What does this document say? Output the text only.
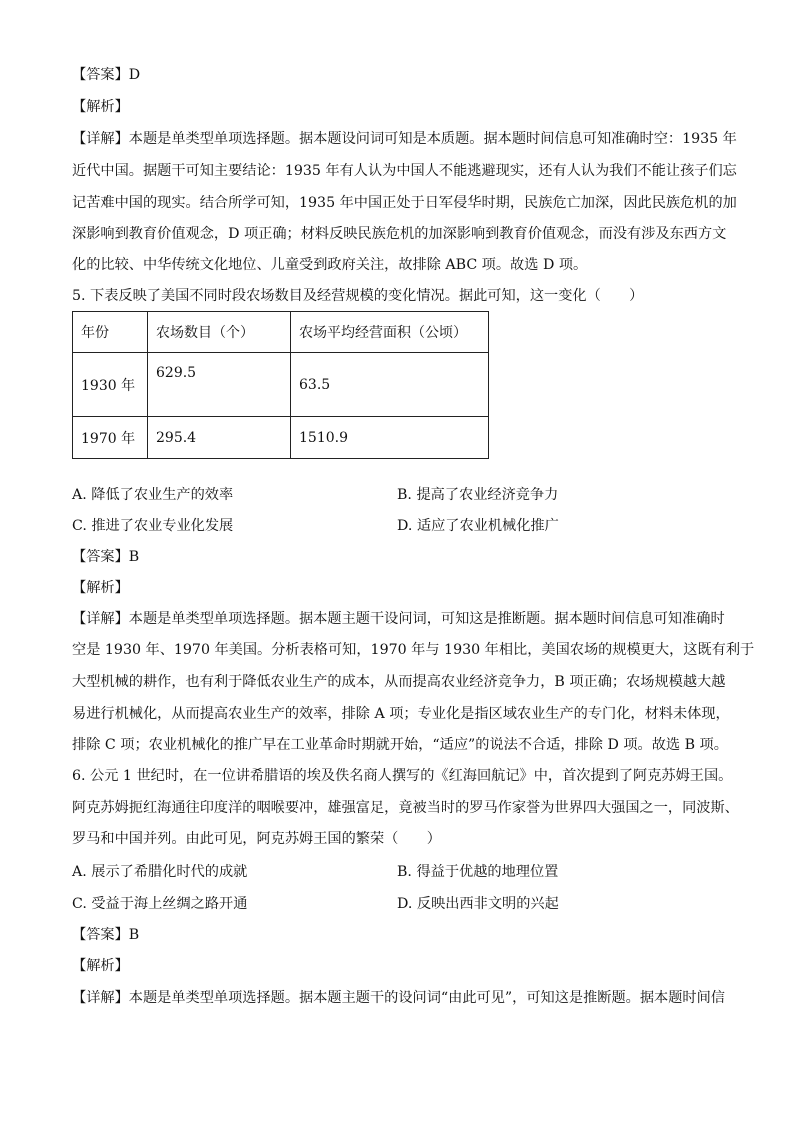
【答案】D
【解析】
【详解】本题是单类型单项选择题。据本题设问词可知是本质题。据本题时间信息可知准确时空：1935 年
近代中国。据题干可知主要结论：1935 年有人认为中国人不能逃避现实，还有人认为我们不能让孩子们忘
记苦难中国的现实。结合所学可知，1935 年中国正处于日军侵华时期，民族危亡加深，因此民族危机的加
深影响到教育价值观念，D 项正确；材料反映民族危机的加深影响到教育价值观念，而没有涉及东西方文
化的比较、中华传统文化地位、儿童受到政府关注，故排除 ABC 项。故选 D 项。
5. 下表反映了美国不同时段农场数目及经营规模的变化情况。据此可知，这一变化（　　）
年份	农场数目（个）	农场平均经营面积（公顷）
1930 年	629.5	63.5
1970 年	295.4	1510.9
A. 降低了农业生产的效率	B. 提高了农业经济竞争力
C. 推进了农业专业化发展	D. 适应了农业机械化推广
【答案】B
【解析】
【详解】本题是单类型单项选择题。据本题主题干设问词，可知这是推断题。据本题时间信息可知准确时
空是 1930 年、1970 年美国。分析表格可知，1970 年与 1930 年相比，美国农场的规模更大，这既有利于
大型机械的耕作，也有利于降低农业生产的成本，从而提高农业经济竞争力，B 项正确；农场规模越大越
易进行机械化，从而提高农业生产的效率，排除 A 项；专业化是指区域农业生产的专门化，材料未体现，
排除 C 项；农业机械化的推广早在工业革命时期就开始，“适应”的说法不合适，排除 D 项。故选 B 项。
6. 公元 1 世纪时，在一位讲希腊语的埃及佚名商人撰写的《红海回航记》中，首次提到了阿克苏姆王国。
阿克苏姆扼红海通往印度洋的咽喉要冲，雄强富足，竟被当时的罗马作家誉为世界四大强国之一，同波斯、
罗马和中国并列。由此可见，阿克苏姆王国的繁荣（　　）
A. 展示了希腊化时代的成就	B. 得益于优越的地理位置
C. 受益于海上丝绸之路开通	D. 反映出西非文明的兴起
【答案】B
【解析】
【详解】本题是单类型单项选择题。据本题主题干的设问词“由此可见”，可知这是推断题。据本题时间信
